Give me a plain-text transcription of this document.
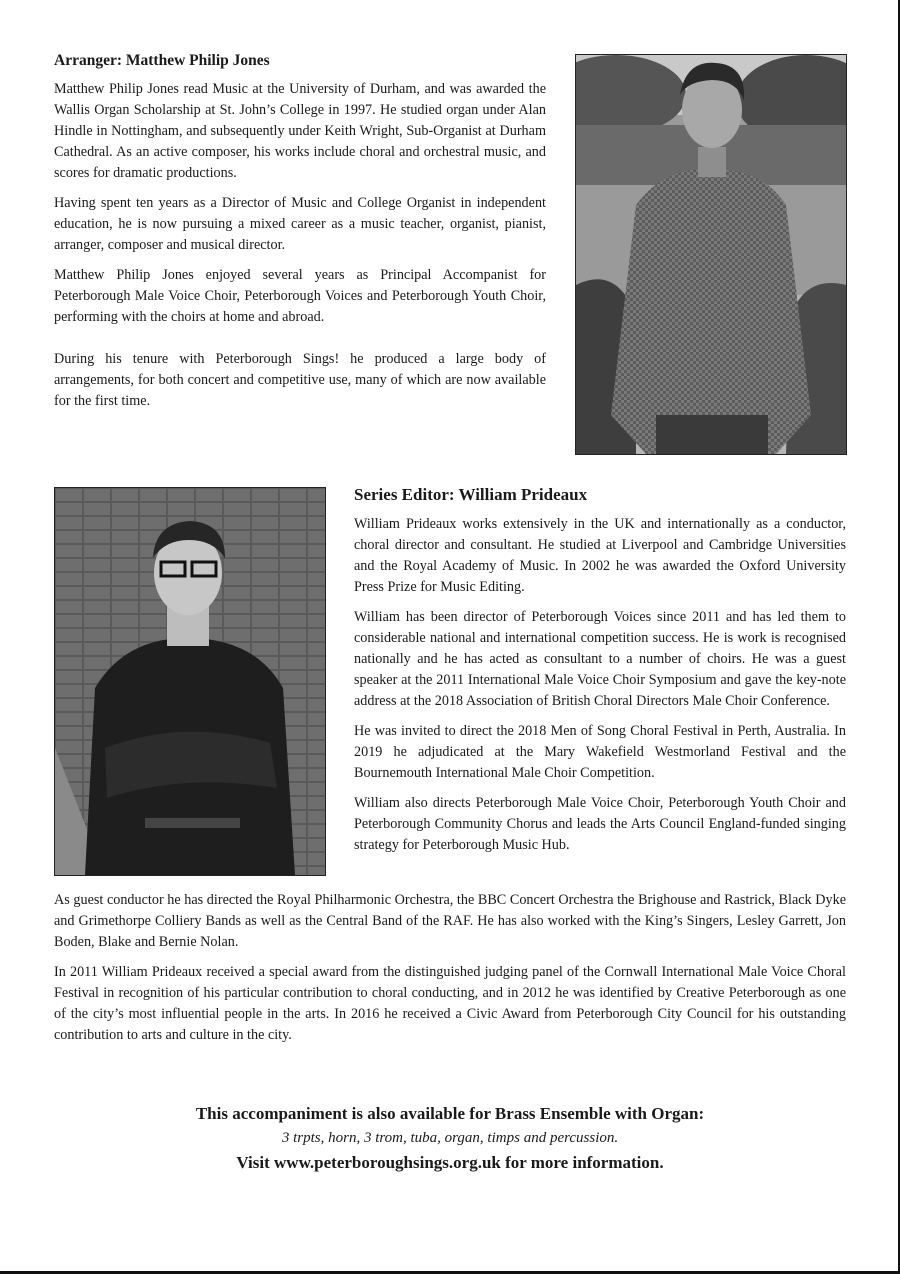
Arranger: Matthew Philip Jones

Matthew Philip Jones read Music at the University of Durham, and was awarded the Wallis Organ Scholarship at St. John’s College in 1997. He studied organ under Alan Hindle in Nottingham, and subsequently under Keith Wright, Sub-Organist at Durham Cathedral. As an active composer, his works include choral and orchestral music, and scores for dramatic productions.

Having spent ten years as a Director of Music and College Organist in independent education, he is now pursuing a mixed career as a music teacher, organist, pianist, arranger, composer and musical director.

Matthew Philip Jones enjoyed several years as Principal Accompanist for Peterborough Male Voice Choir, Peterborough Voices and Peterborough Youth Choir, performing with the choirs at home and abroad.

During his tenure with Peterborough Sings! he produced a large body of arrangements, for both concert and competitive use, many of which are now available for the first time.

Series Editor: William Prideaux

William Prideaux works extensively in the UK and internationally as a conductor, choral director and consultant. He studied at Liverpool and Cambridge Universities and the Royal Academy of Music. In 2002 he was awarded the Oxford University Press Prize for Music Editing.

William has been director of Peterborough Voices since 2011 and has led them to considerable national and international competition success. He is work is recognised nationally and he has acted as consultant to a number of choirs. He was a guest speaker at the 2011 International Male Voice Choir Symposium and gave the key-note address at the 2018 Association of British Choral Directors Male Choir Conference.

He was invited to direct the 2018 Men of Song Choral Festival in Perth, Australia. In 2019 he adjudicated at the Mary Wakefield Westmorland Festival and the Bournemouth International Male Choir Competition.

William also directs Peterborough Male Voice Choir, Peterborough Youth Choir and Peterborough Community Chorus and leads the Arts Council England-funded singing strategy for Peterborough Music Hub.

As guest conductor he has directed the Royal Philharmonic Orchestra, the BBC Concert Orchestra the Brighouse and Rastrick, Black Dyke and Grimethorpe Colliery Bands as well as the Central Band of the RAF. He has also worked with the King’s Singers, Lesley Garrett, Jon Boden, Blake and Bernie Nolan.

In 2011 William Prideaux received a special award from the distinguished judging panel of the Cornwall International Male Voice Choral Festival in recognition of his particular contribution to choral conducting, and in 2012 he was identified by Creative Peterborough as one of the city’s most influential people in the arts. In 2016 he received a Civic Award from Peterborough City Council for his outstanding contribution to arts and culture in the city.

This accompaniment is also available for Brass Ensemble with Organ:
3 trpts, horn, 3 trom, tuba, organ, timps and percussion.
Visit www.peterboroughsings.org.uk for more information.
